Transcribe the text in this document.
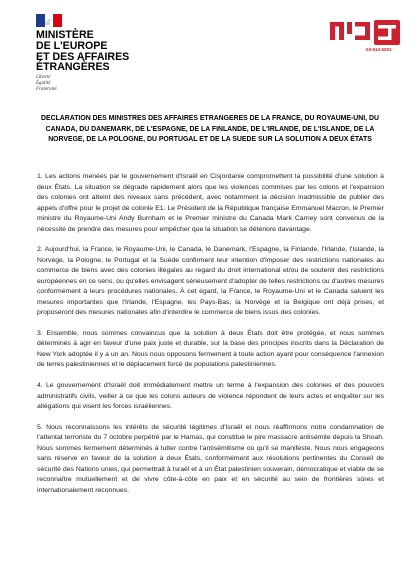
MINISTÈRE
DE L'EUROPE
ET DES AFFAIRES
ÉTRANGÈRES
Liberté
Égalité
Fraternité
03-614-5001
DECLARATION DES MINISTRES DES AFFAIRES ETRANGERES DE LA FRANCE, DU ROYAUME-UNI, DU CANADA, DU DANEMARK, DE L'ESPAGNE, DE LA FINLANDE, DE L'IRLANDE, DE L'ISLANDE, DE LA NORVEGE, DE LA POLOGNE, DU PORTUGAL ET DE LA SUEDE SUR LA SOLUTION A DEUX ÉTATS

1. Les actions menées par le gouvernement d'Israël en Cisjordanie compromettent la possibilité d'une solution à deux États. La situation se dégrade rapidement alors que les violences commises par les colons et l'expansion des colonies ont atteint des niveaux sans précédent, avec notamment la décision inadmissible de publier des appels d'offre pour le projet de colonie E1. Le Président de la République française Emmanuel Macron, le Premier ministre du Royaume-Uni Andy Burnham et le Premier ministre du Canada Mark Carney sont convenus de la nécessité de prendre des mesures pour empêcher que la situation se détériore davantage.

2. Aujourd'hui, la France, le Royaume-Uni, le Canada, le Danemark, l'Espagne, la Finlande, l'Irlande, l'Islande, la Norvège, la Pologne, le Portugal et la Suède confirment leur intention d'imposer des restrictions nationales au commerce de biens avec des colonies illégales au regard du droit international et/ou de soutenir des restrictions européennes en ce sens, ou qu'elles envisagent sérieusement d'adopter de telles restrictions ou d'autres mesures conformément à leurs procédures nationales. À cet égard, la France, le Royaume-Uni et le Canada saluent les mesures importantes que l'Irlande, l'Espagne, les Pays-Bas, la Norvège et la Belgique ont déjà prises, et proposeront des mesures nationales afin d'interdire le commerce de biens issus des colonies.

3. Ensemble, nous sommes convaincus que la solution à deux États doit être protégée, et nous sommes déterminés à agir en faveur d'une paix juste et durable, sur la base des principes inscrits dans la Déclaration de New York adoptée il y a un an. Nous nous opposons fermement à toute action ayant pour conséquence l'annexion de terres palestiniennes et le déplacement forcé de populations palestiniennes.

4. Le gouvernement d'Israël doit immédiatement mettre un terme à l'expansion des colonies et des pouvoirs administratifs civils, veiller à ce que les colons auteurs de violence répondent de leurs actes et enquêter sur les allégations qui visent les forces israéliennes.

5. Nous reconnaissons les intérêts de sécurité légitimes d'Israël et nous réaffirmons notre condamnation de l'attentat terroriste du 7 octobre perpétré par le Hamas, qui constitue le pire massacre antisémite depuis la Shoah. Nous sommes fermement déterminés à lutter contre l'antisémitisme où qu'il se manifeste. Nous nous engageons sans réserve en faveur de la solution à deux États, conformément aux résolutions pertinentes du Conseil de sécurité des Nations unies, qui permettrait à Israël et à un État palestinien souverain, démocratique et viable de se reconnaître mutuellement et de vivre côte-à-côte en paix et en sécurité au sein de frontières sûres et internationalement reconnues.
